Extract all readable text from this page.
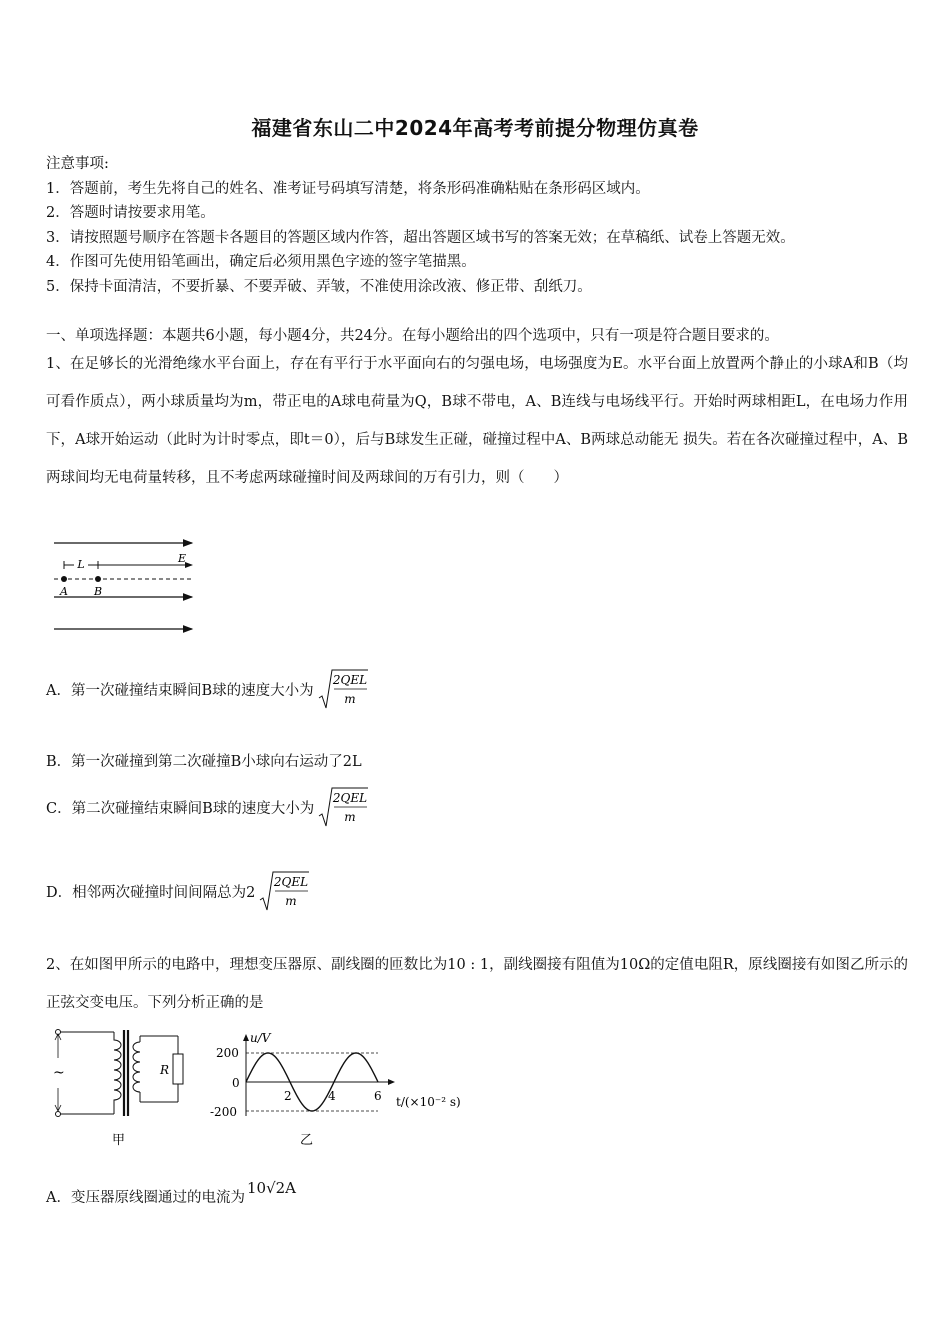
福建省东山二中2024年高考考前提分物理仿真卷
注意事项:
1．答题前，考生先将自己的姓名、准考证号码填写清楚，将条形码准确粘贴在条形码区域内。
2．答题时请按要求用笔。
3．请按照题号顺序在答题卡各题目的答题区域内作答，超出答题区域书写的答案无效；在草稿纸、试卷上答题无效。
4．作图可先使用铅笔画出，确定后必须用黑色字迹的签字笔描黑。
5．保持卡面清洁，不要折暴、不要弄破、弄皱，不准使用涂改液、修正带、刮纸刀。
一、单项选择题：本题共6小题，每小题4分，共24分。在每小题给出的四个选项中，只有一项是符合题目要求的。
1、在足够长的光滑绝缘水平台面上，存在有平行于水平面向右的匀强电场，电场强度为E。水平台面上放置两个静止的小球A和B（均可看作质点），两小球质量均为m，带正电的A球电荷量为Q，B球不带电，A、B连线与电场线平行。开始时两球相距L，在电场力作用下，A球开始运动（此时为计时零点，即t＝0），后与B球发生正碰，碰撞过程中A、B两球总动能无 损失。若在各次碰撞过程中，A、B两球间均无电荷量转移，且不考虑两球碰撞时间及两球间的万有引力，则（　　）
L	E
A B
A．第一次碰撞结束瞬间B球的速度大小为
2QEL
m
B．第一次碰撞到第二次碰撞B小球向右运动了2L
C．第二次碰撞结束瞬间B球的速度大小为
2QEL
m
D．相邻两次碰撞时间间隔总为2
2QEL
m
2、在如图甲所示的电路中，理想变压器原、副线圈的匝数比为10 : 1，副线圈接有阻值为10Ω的定值电阻R，原线圈接有如图乙所示的正弦交变电压。下列分析正确的是
~	R
甲
u/V
200
0
-200
2	4	6 t/(×10⁻² s)
乙
A．变压器原线圈通过的电流为
10√2A
